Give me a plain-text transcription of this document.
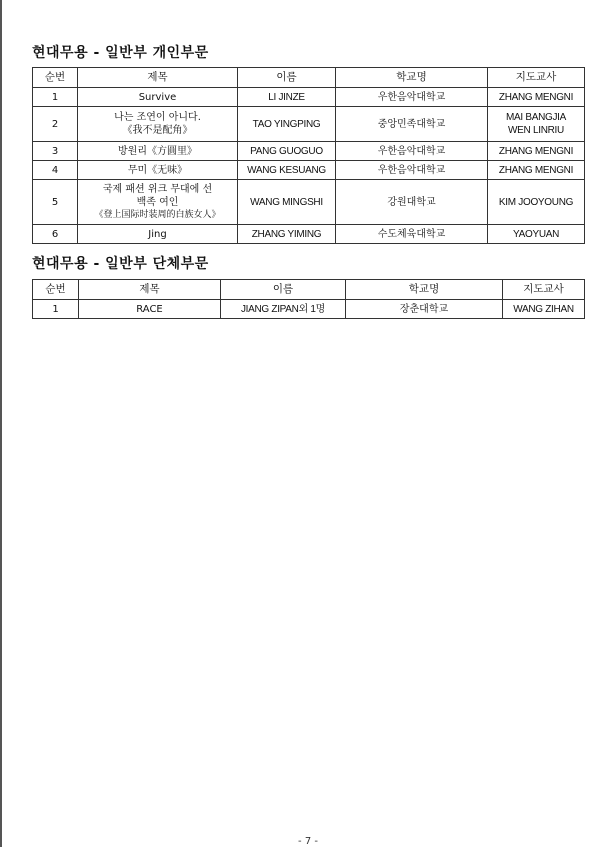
현대무용 - 일반부 개인부문
순번	제목	이름	학교명	지도교사
1	Survive	LI JINZE	우한음악대학교	ZHANG MENGNI

2	나는 조연이 아니다.
《我不是配角》	TAO YINGPING	중앙민족대학교	MAI BANGJIA
WEN LINRIU

3	방원리《方圓里》	PANG GUOGUO	우한음악대학교	ZHANG MENGNI

4	무미《无味》	WANG KESUANG	우한음악대학교	ZHANG MENGNI

5	국제 패션 위크 무대에 선
백족 여인
《登上国际时装周的白族女人》	WANG MINGSHI	강원대학교	KIM JOOYOUNG

6	Jing	ZHANG YIMING	수도체육대학교	YAOYUAN
현대무용 - 일반부 단체부문
순번	제목	이름	학교명	지도교사
1	RACE	JIANG ZIPAN외 1명	장춘대학교	WANG ZIHAN
- 7 -
